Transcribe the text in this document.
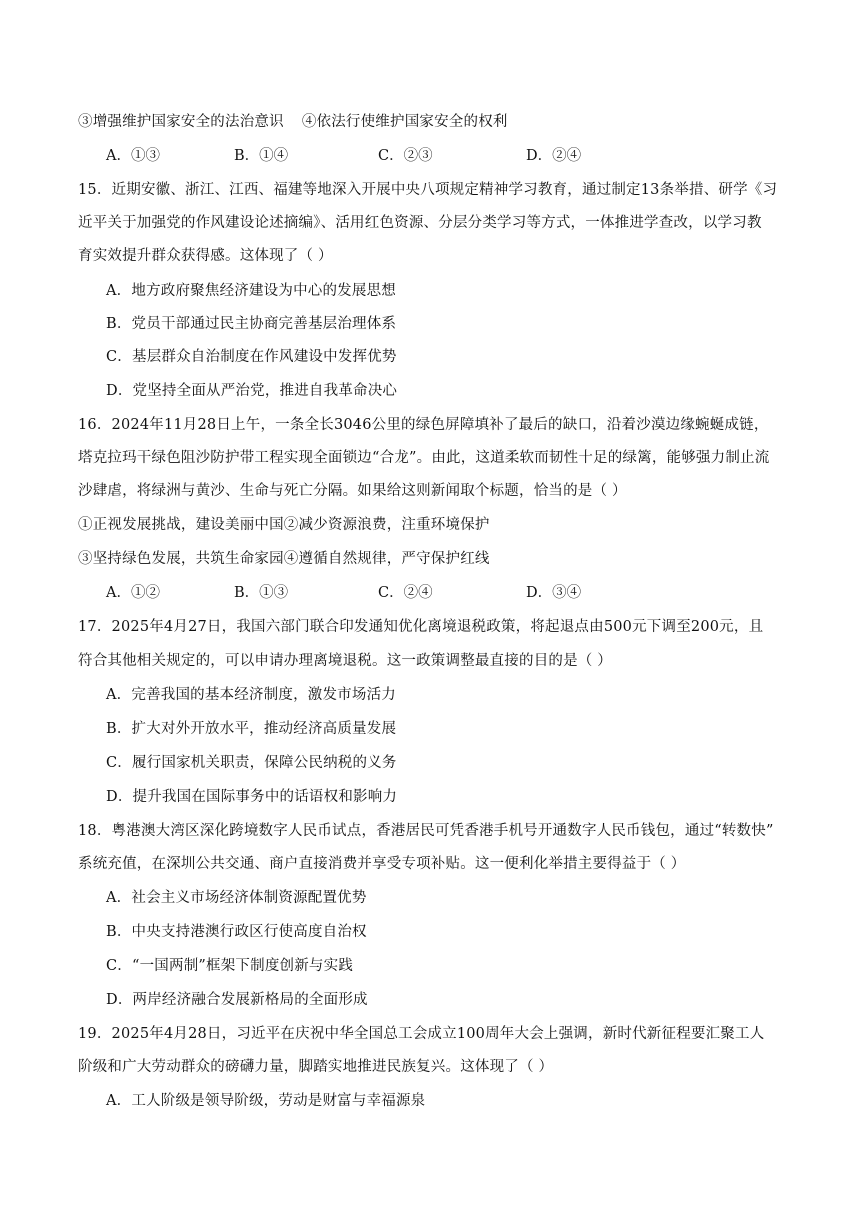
③增强维护国家安全的法治意识 ④依法行使维护国家安全的权利
A．①③	B．①④	C．②③	D．②④
15．近期安徽、浙江、江西、福建等地深入开展中央八项规定精神学习教育，通过制定13条举措、研学《习
近平关于加强党的作风建设论述摘编》、活用红色资源、分层分类学习等方式，一体推进学查改，以学习教
育实效提升群众获得感。这体现了（ ）
A．地方政府聚焦经济建设为中心的发展思想
B．党员干部通过民主协商完善基层治理体系
C．基层群众自治制度在作风建设中发挥优势
D．党坚持全面从严治党，推进自我革命决心
16．2024年11月28日上午，一条全长3046公里的绿色屏障填补了最后的缺口，沿着沙漠边缘蜿蜒成链，
塔克拉玛干绿色阻沙防护带工程实现全面锁边“合龙”。由此，这道柔软而韧性十足的绿篱，能够强力制止流
沙肆虐，将绿洲与黄沙、生命与死亡分隔。如果给这则新闻取个标题，恰当的是（ ）
①正视发展挑战，建设美丽中国②减少资源浪费，注重环境保护
③坚持绿色发展，共筑生命家园④遵循自然规律，严守保护红线
A．①②	B．①③	C．②④	D．③④
17．2025年4月27日，我国六部门联合印发通知优化离境退税政策，将起退点由500元下调至200元，且
符合其他相关规定的，可以申请办理离境退税。这一政策调整最直接的目的是（ ）
A．完善我国的基本经济制度，激发市场活力
B．扩大对外开放水平，推动经济高质量发展
C．履行国家机关职责，保障公民纳税的义务
D．提升我国在国际事务中的话语权和影响力
18．粤港澳大湾区深化跨境数字人民币试点，香港居民可凭香港手机号开通数字人民币钱包，通过“转数快”
系统充值，在深圳公共交通、商户直接消费并享受专项补贴。这一便利化举措主要得益于（ ）
A．社会主义市场经济体制资源配置优势
B．中央支持港澳行政区行使高度自治权
C．“一国两制”框架下制度创新与实践
D．两岸经济融合发展新格局的全面形成
19．2025年4月28日，习近平在庆祝中华全国总工会成立100周年大会上强调，新时代新征程要汇聚工人
阶级和广大劳动群众的磅礴力量，脚踏实地推进民族复兴。这体现了（ ）
A．工人阶级是领导阶级，劳动是财富与幸福源泉
